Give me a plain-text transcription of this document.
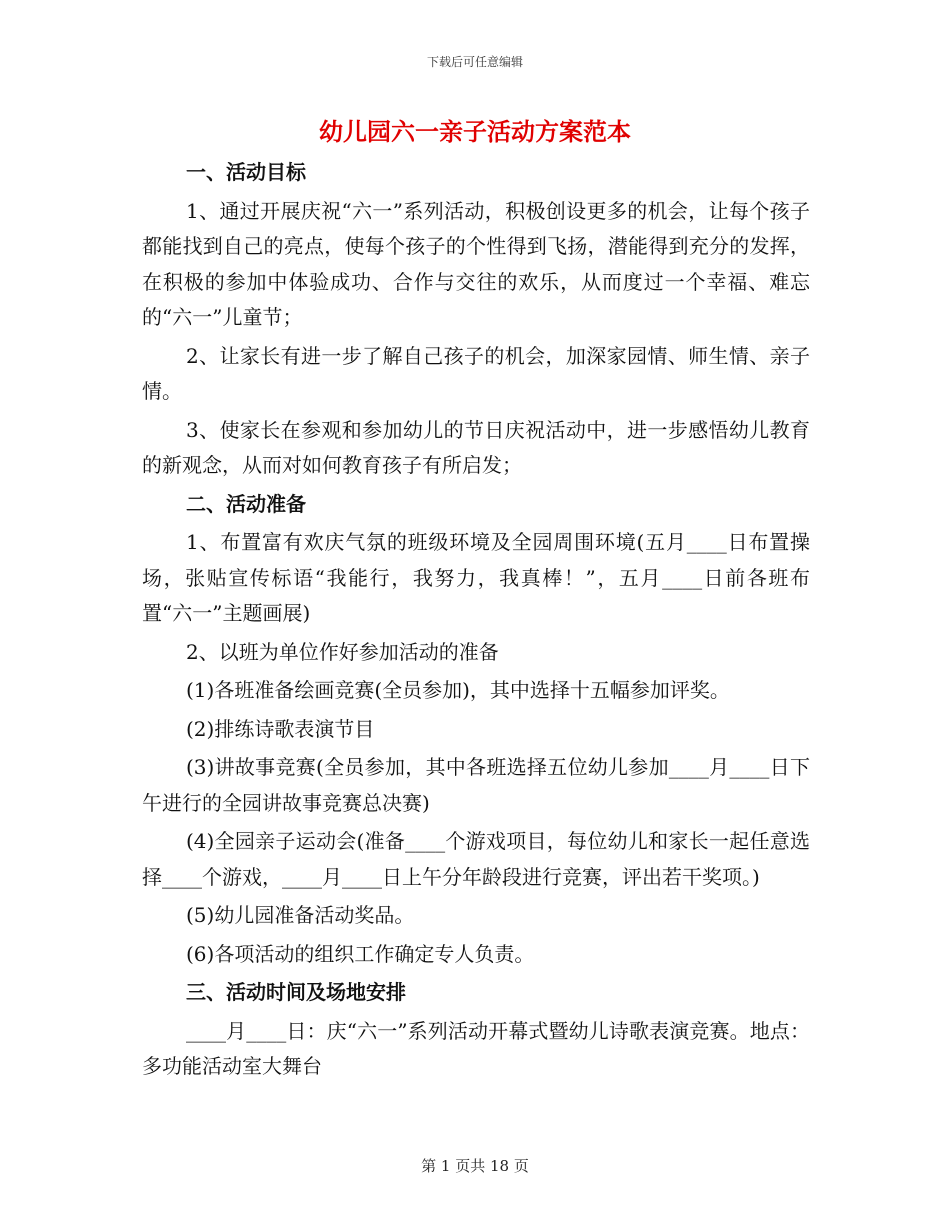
下载后可任意编辑
幼儿园六一亲子活动方案范本

一、活动目标

1、通过开展庆祝“六一”系列活动，积极创设更多的机会，让每个孩子都能找到自己的亮点，使每个孩子的个性得到飞扬，潜能得到充分的发挥，在积极的参加中体验成功、合作与交往的欢乐，从而度过一个幸福、难忘的“六一”儿童节；

2、让家长有进一步了解自己孩子的机会，加深家园情、师生情、亲子情。

3、使家长在参观和参加幼儿的节日庆祝活动中，进一步感悟幼儿教育的新观念，从而对如何教育孩子有所启发；

二、活动准备

1、布置富有欢庆气氛的班级环境及全园周围环境(五月____日布置操场，张贴宣传标语“我能行，我努力，我真棒！”，五月____日前各班布置“六一”主题画展)

2、以班为单位作好参加活动的准备

(1)各班准备绘画竞赛(全员参加)，其中选择十五幅参加评奖。

(2)排练诗歌表演节目

(3)讲故事竞赛(全员参加，其中各班选择五位幼儿参加____月____日下午进行的全园讲故事竞赛总决赛)

(4)全园亲子运动会(准备____个游戏项目，每位幼儿和家长一起任意选择____个游戏，____月____日上午分年龄段进行竞赛，评出若干奖项。)

(5)幼儿园准备活动奖品。

(6)各项活动的组织工作确定专人负责。

三、活动时间及场地安排

____月____日：庆“六一”系列活动开幕式暨幼儿诗歌表演竞赛。地点：多功能活动室大舞台

第 1 页共 18 页
